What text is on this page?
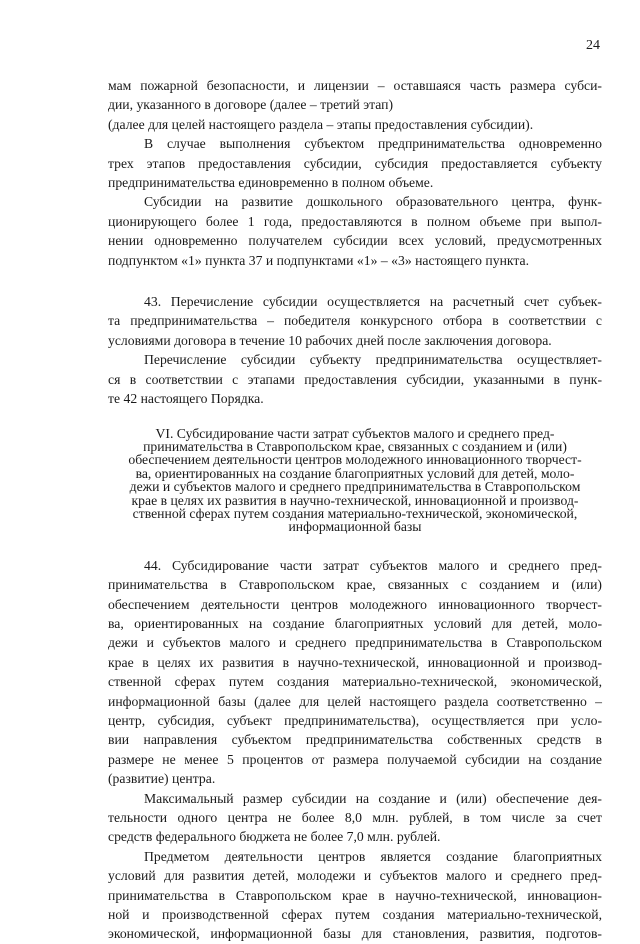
24
мам пожарной безопасности, и лицензии – оставшаяся часть размера субси-
дии, указанного в договоре (далее – третий этап)
(далее для целей настоящего раздела – этапы предоставления субсидии).
В случае выполнения субъектом предпринимательства одновременно
трех этапов предоставления субсидии, субсидия предоставляется субъекту
предпринимательства единовременно в полном объеме.
Субсидии на развитие дошкольного образовательного центра, функ-
ционирующего более 1 года, предоставляются в полном объеме при выпол-
нении одновременно получателем субсидии всех условий, предусмотренных
подпунктом «1» пункта 37 и подпунктами «1» – «3» настоящего пункта.
43. Перечисление субсидии осуществляется на расчетный счет субъек-
та предпринимательства – победителя конкурсного отбора в соответствии с
условиями договора в течение 10 рабочих дней после заключения договора.
Перечисление субсидии субъекту предпринимательства осуществляет-
ся в соответствии с этапами предоставления субсидии, указанными в пунк-
те 42 настоящего Порядка.
VI. Субсидирование части затрат субъектов малого и среднего пред-
принимательства в Ставропольском крае, связанных с созданием и (или)
обеспечением деятельности центров молодежного инновационного творчест-
ва, ориентированных на создание благоприятных условий для детей, моло-
дежи и субъектов малого и среднего предпринимательства в Ставропольском
крае в целях их развития в научно-технической, инновационной и производ-
ственной сферах путем создания материально-технической, экономической,
информационной базы
44. Субсидирование части затрат субъектов малого и среднего пред-
принимательства в Ставропольском крае, связанных с созданием и (или)
обеспечением деятельности центров молодежного инновационного творчест-
ва, ориентированных на создание благоприятных условий для детей, моло-
дежи и субъектов малого и среднего предпринимательства в Ставропольском
крае в целях их развития в научно-технической, инновационной и производ-
ственной сферах путем создания материально-технической, экономической,
информационной базы (далее для целей настоящего раздела соответственно –
центр, субсидия, субъект предпринимательства), осуществляется при усло-
вии направления субъектом предпринимательства собственных средств в
размере не менее 5 процентов от размера получаемой субсидии на создание
(развитие) центра.
Максимальный размер субсидии на создание и (или) обеспечение дея-
тельности одного центра не более 8,0 млн. рублей, в том числе за счет
средств федерального бюджета не более 7,0 млн. рублей.
Предметом деятельности центров является создание благоприятных
условий для развития детей, молодежи и субъектов малого и среднего пред-
принимательства в Ставропольском крае в научно-технической, инновацион-
ной и производственной сферах путем создания материально-технической,
экономической, информационной базы для становления, развития, подготов-
